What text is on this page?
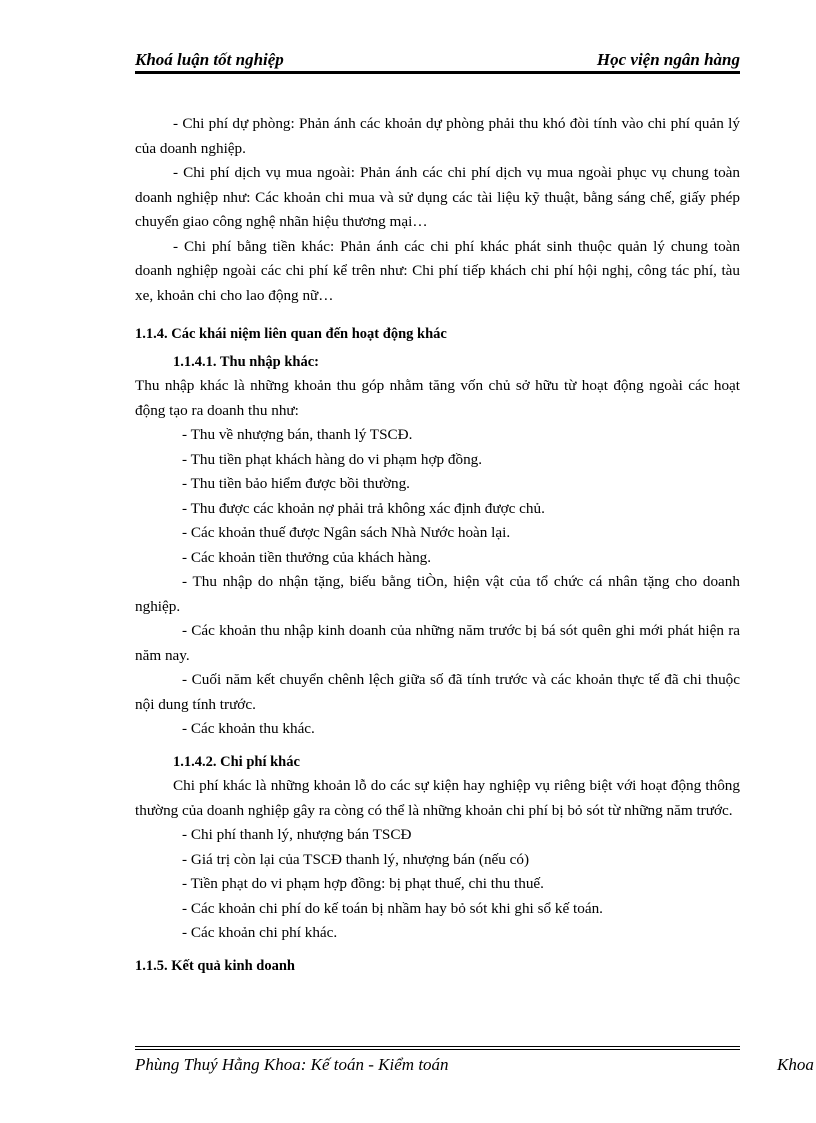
Khoá luận tốt nghiệp	Học viện ngân hàng

- Chi phí dự phòng: Phản ánh các khoản dự phòng phải thu khó đòi tính vào chi phí quản lý của doanh nghiệp.

- Chi phí dịch vụ mua ngoài: Phản ánh các chi phí dịch vụ mua ngoài phục vụ chung toàn doanh nghiệp như: Các khoản chi mua và sử dụng các tài liệu kỹ thuật, bằng sáng chế, giấy phép chuyển giao công nghệ nhãn hiệu thương mại…

- Chi phí bằng tiền khác: Phản ánh các chi phí khác phát sinh thuộc quản lý chung toàn doanh nghiệp ngoài các chi phí kể trên như: Chi phí tiếp khách chi phí hội nghị, công tác phí, tàu xe, khoản chi cho lao động nữ…

1.1.4. Các khái niệm liên quan đến hoạt động khác
1.1.4.1. Thu nhập khác:

Thu nhập khác là những khoản thu góp nhằm tăng vốn chủ sở hữu từ hoạt động ngoài các hoạt động tạo ra doanh thu như:

- Thu về nhượng bán, thanh lý TSCĐ.

- Thu tiền phạt khách hàng do vi phạm hợp đồng.

- Thu tiền bảo hiểm được bồi thường.

- Thu được các khoản nợ phải trả không xác định được chủ.

- Các khoản thuế được Ngân sách Nhà Nước hoàn lại.

- Các khoản tiền thưởng của khách hàng.

- Thu nhập do nhận tặng, biếu bằng tiÒn, hiện vật của tổ chức cá nhân tặng cho doanh nghiệp.

- Các khoản thu nhập kinh doanh của những năm trước bị bá sót quên ghi mới phát hiện ra năm nay.

- Cuối năm kết chuyển chênh lệch giữa số đã tính trước và các khoản thực tế đã chi thuộc nội dung tính trước.

- Các khoản thu khác.

1.1.4.2. Chi phí khác

Chi phí khác là những khoản lỗ do các sự kiện hay nghiệp vụ riêng biệt với hoạt động thông thường của doanh nghiệp gây ra còng có thể là những khoản chi phí bị bỏ sót từ những năm trước.

- Chi phí thanh lý, nhượng bán TSCĐ

- Giá trị còn lại của TSCĐ thanh lý, nhượng bán (nếu có)

- Tiền phạt do vi phạm hợp đồng: bị phạt thuế, chi thu thuế.

- Các khoản chi phí do kế toán bị nhầm hay bỏ sót khi ghi sổ kế toán.

- Các khoản chi phí khác.

1.1.5. Kết quả kinh doanh
Phùng Thuý Hằng Khoa: Kế toán - Kiểm toán	Khoa
